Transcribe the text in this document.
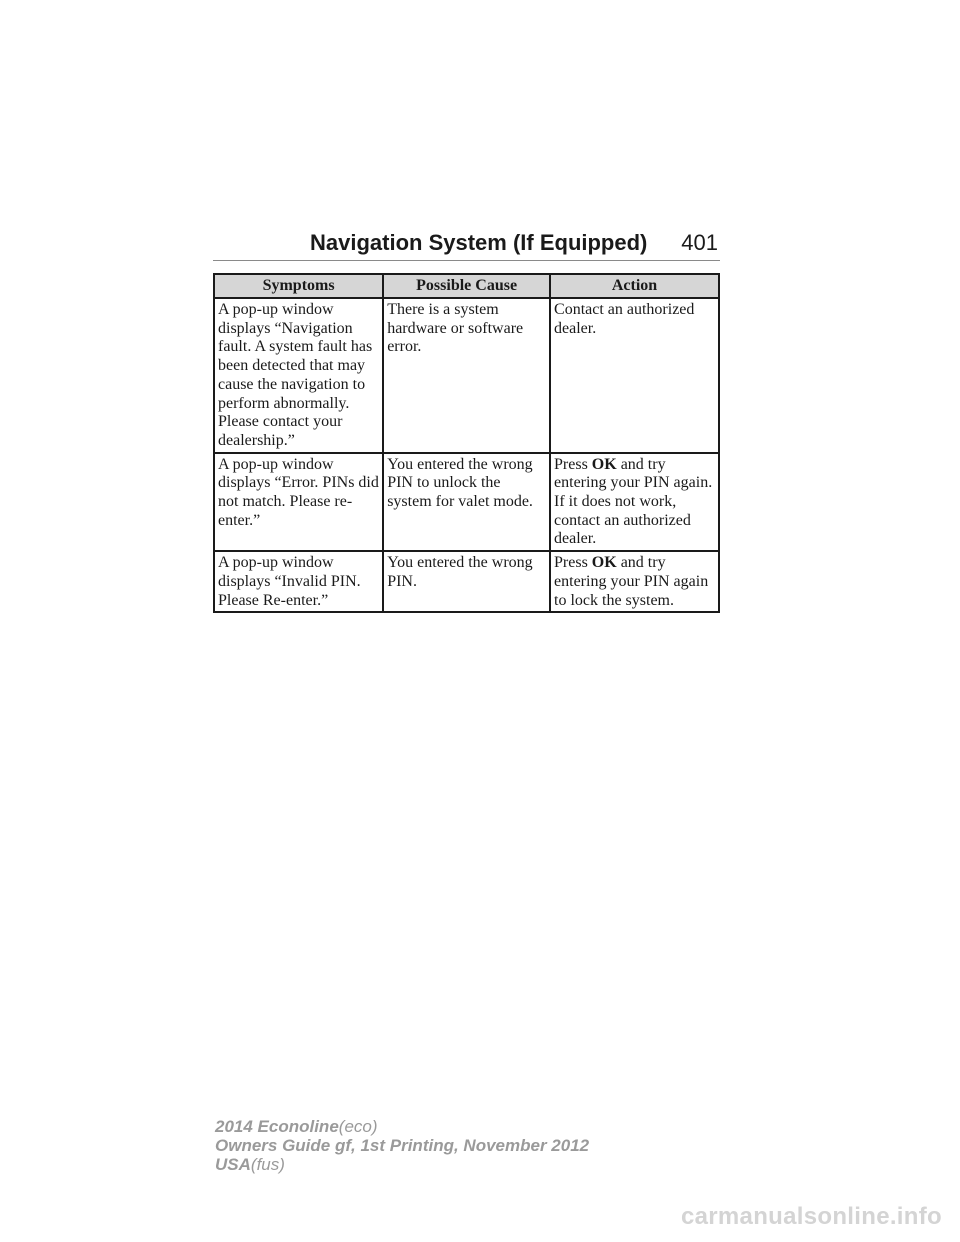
Navigation System (If Equipped) 401
Symptoms	Possible Cause	Action
A pop-up window displays “Navigation fault. A system fault has been detected that may cause the navigation to perform abnormally. Please contact your dealership.”	There is a system hardware or software error.	Contact an authorized dealer.
A pop-up window displays “Error. PINs did not match. Please re-enter.”	You entered the wrong PIN to unlock the system for valet mode.	Press OK and try entering your PIN again. If it does not work, contact an authorized dealer.
A pop-up window displays “Invalid PIN. Please Re-enter.”	You entered the wrong PIN.	Press OK and try entering your PIN again to lock the system.
2014 Econoline(eco)
Owners Guide gf, 1st Printing, November 2012
USA(fus)
carmanualsonline.info
